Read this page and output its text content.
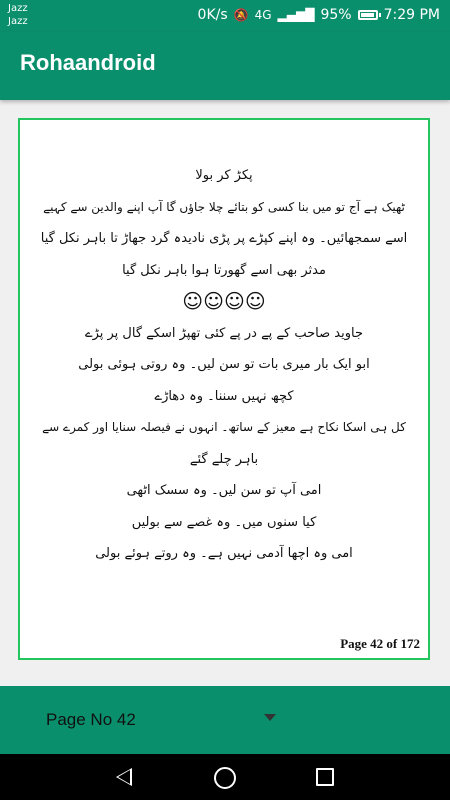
Jazz
Jazz	0K/s 🔕 4G ▂▄▆█ 95% 7:29 PM
Rohaandroid
پکڑ کر بولا
ٹھیک ہے آج تو میں بنا کسی کو بتائے چلا جاؤں گا آپ اپنے والدین سے کہیے
اسے سمجھائیں۔ وہ اپنے کپڑے پر پڑی نادیدہ گرد جھاڑ تا باہر نکل گیا
مدثر بھی اسے گھورتا ہوا باہر نکل گیا
☺☺☺☺
جاوید صاحب کے پے در پے کئی تھپڑ اسکے گال پر پڑے
ابو ایک بار میری بات تو سن لیں۔ وہ روتی ہوئی بولی
کچھ نہیں سننا۔ وہ دھاڑے
کل ہی اسکا نکاح ہے معیز کے ساتھ۔ انہوں نے فیصلہ سنایا اور کمرے سے
باہر چلے گئے
امی آپ تو سن لیں۔ وہ سسک اٹھی
کیا سنوں میں۔ وہ غصے سے بولیں
امی وہ اچھا آدمی نہیں ہے۔ وہ روتے ہوئے بولی
Page 42 of 172
Page No 42
